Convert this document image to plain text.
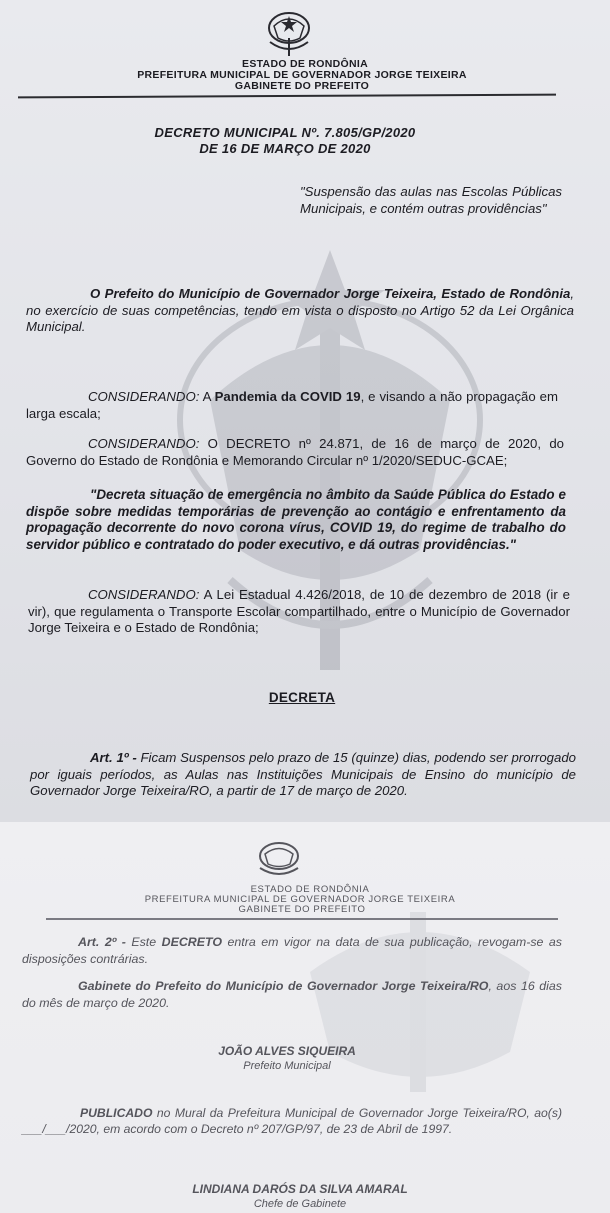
ESTADO DE RONDÔNIA
PREFEITURA MUNICIPAL DE GOVERNADOR JORGE TEIXEIRA
GABINETE DO PREFEITO
DECRETO MUNICIPAL Nº. 7.805/GP/2020
DE 16 DE MARÇO DE 2020
"Suspensão das aulas nas Escolas Públicas Municipais, e contém outras providências"
O Prefeito do Município de Governador Jorge Teixeira, Estado de Rondônia, no exercício de suas competências, tendo em vista o disposto no Artigo 52 da Lei Orgânica Municipal.
CONSIDERANDO: A Pandemia da COVID 19, e visando a não propagação em larga escala;
CONSIDERANDO: O DECRETO nº 24.871, de 16 de março de 2020, do Governo do Estado de Rondônia e Memorando Circular nº 1/2020/SEDUC-GCAE;
"Decreta situação de emergência no âmbito da Saúde Pública do Estado e dispõe sobre medidas temporárias de prevenção ao contágio e enfrentamento da propagação decorrente do novo corona vírus, COVID 19, do regime de trabalho do servidor público e contratado do poder executivo, e dá outras providências."
CONSIDERANDO: A Lei Estadual 4.426/2018, de 10 de dezembro de 2018 (ir e vir), que regulamenta o Transporte Escolar compartilhado, entre o Município de Governador Jorge Teixeira e o Estado de Rondônia;
DECRETA
Art. 1º - Ficam Suspensos pelo prazo de 15 (quinze) dias, podendo ser prorrogado por iguais períodos, as Aulas nas Instituições Municipais de Ensino do município de Governador Jorge Teixeira/RO, a partir de 17 de março de 2020.
ESTADO DE RONDÔNIA
PREFEITURA MUNICIPAL DE GOVERNADOR JORGE TEIXEIRA
GABINETE DO PREFEITO
Art. 2º - Este DECRETO entra em vigor na data de sua publicação, revogam-se as disposições contrárias.
Gabinete do Prefeito do Município de Governador Jorge Teixeira/RO, aos 16 dias do mês de março de 2020.
JOÃO ALVES SIQUEIRA
Prefeito Municipal
PUBLICADO no Mural da Prefeitura Municipal de Governador Jorge Teixeira/RO, ao(s) ___/___/2020, em acordo com o Decreto nº 207/GP/97, de 23 de Abril de 1997.
LINDIANA DARÓS DA SILVA AMARAL
Chefe de Gabinete
